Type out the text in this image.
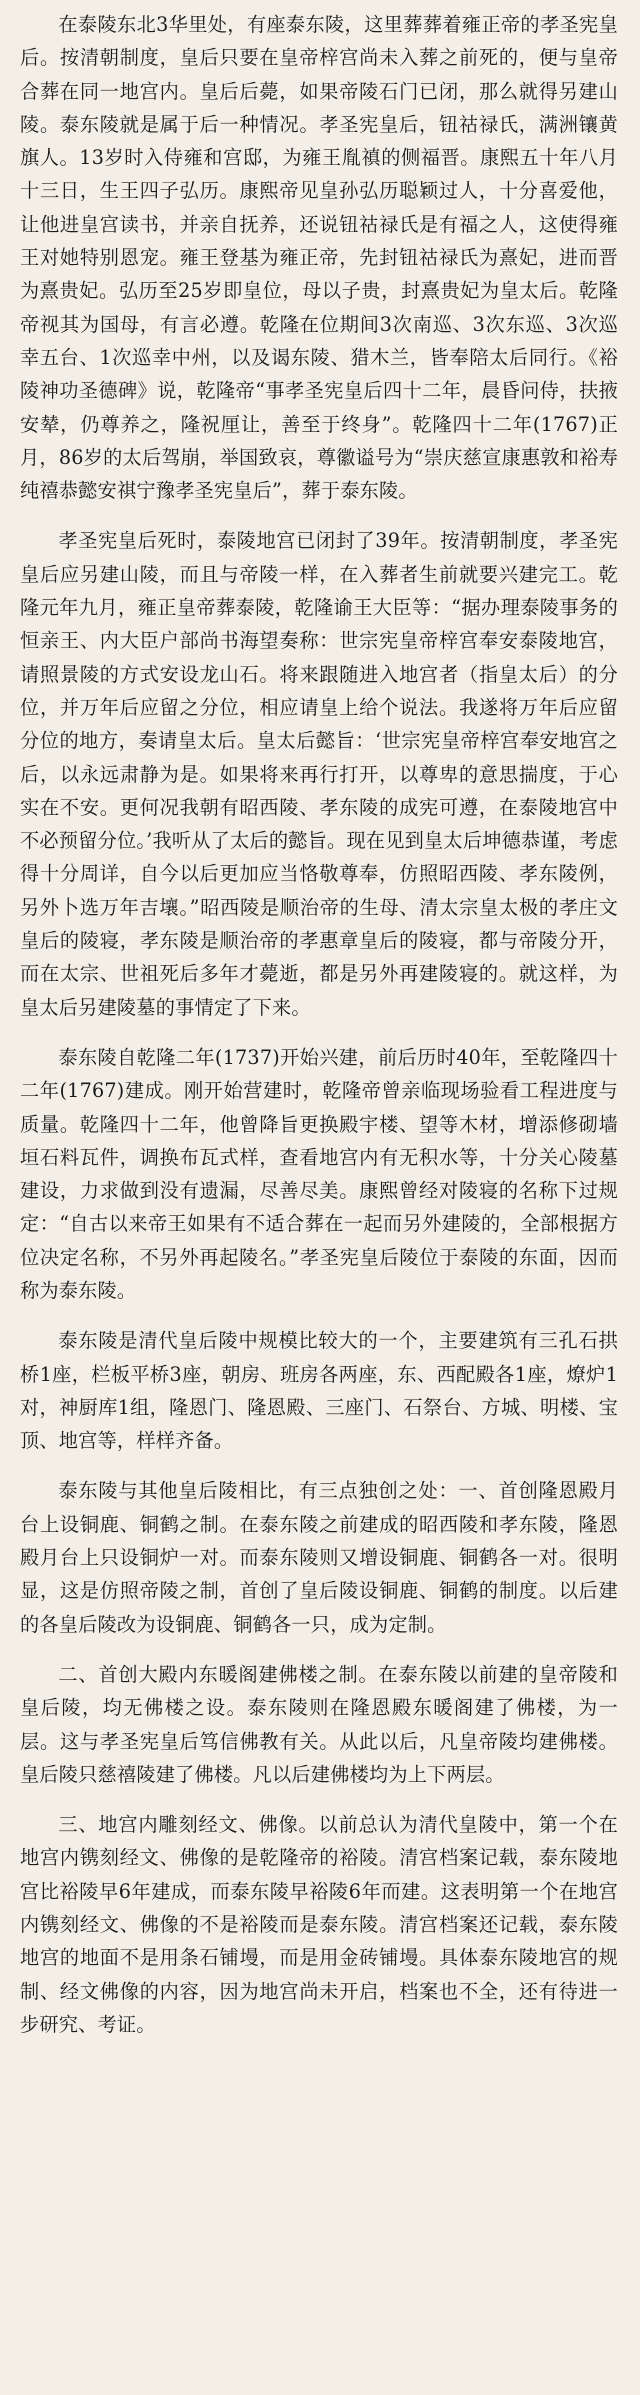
在泰陵东北3华里处，有座泰东陵，这里葬葬着雍正帝的孝圣宪皇后。按清朝制度，皇后只要在皇帝梓宫尚未入葬之前死的，便与皇帝合葬在同一地宫内。皇后后薨，如果帝陵石门已闭，那么就得另建山陵。泰东陵就是属于后一种情况。孝圣宪皇后，钮祜禄氏，满洲镶黄旗人。13岁时入侍雍和宫邸，为雍王胤禛的侧福晋。康熙五十年八月十三日，生王四子弘历。康熙帝见皇孙弘历聪颖过人，十分喜爱他，让他进皇宫读书，并亲自抚养，还说钮祜禄氏是有福之人，这使得雍王对她特别恩宠。雍王登基为雍正帝，先封钮祜禄氏为熹妃，进而晋为熹贵妃。弘历至25岁即皇位，母以子贵，封熹贵妃为皇太后。乾隆帝视其为国母，有言必遵。乾隆在位期间3次南巡、3次东巡、3次巡幸五台、1次巡幸中州，以及谒东陵、猎木兰，皆奉陪太后同行。《裕陵神功圣德碑》说，乾隆帝“事孝圣宪皇后四十二年，晨昏问侍，扶掖安辇，仍尊养之，隆祝厘让，善至于终身”。乾隆四十二年(1767)正月，86岁的太后驾崩，举国致哀，尊徽谥号为“崇庆慈宣康惠敦和裕寿纯禧恭懿安祺宁豫孝圣宪皇后”，葬于泰东陵。

孝圣宪皇后死时，泰陵地宫已闭封了39年。按清朝制度，孝圣宪皇后应另建山陵，而且与帝陵一样，在入葬者生前就要兴建完工。乾隆元年九月，雍正皇帝葬泰陵，乾隆谕王大臣等：“据办理泰陵事务的恒亲王、内大臣户部尚书海望奏称：世宗宪皇帝梓宫奉安泰陵地宫，请照景陵的方式安设龙山石。将来跟随进入地宫者（指皇太后）的分位，并万年后应留之分位，相应请皇上给个说法。我遂将万年后应留分位的地方，奏请皇太后。皇太后懿旨：‘世宗宪皇帝梓宫奉安地宫之后，以永远肃静为是。如果将来再行打开，以尊卑的意思揣度，于心实在不安。更何况我朝有昭西陵、孝东陵的成宪可遵，在泰陵地宫中不必预留分位。’我听从了太后的懿旨。现在见到皇太后坤德恭谨，考虑得十分周详，自今以后更加应当恪敬尊奉，仿照昭西陵、孝东陵例，另外卜选万年吉壤。”昭西陵是顺治帝的生母、清太宗皇太极的孝庄文皇后的陵寝，孝东陵是顺治帝的孝惠章皇后的陵寝，都与帝陵分开，而在太宗、世祖死后多年才薨逝，都是另外再建陵寝的。就这样，为皇太后另建陵墓的事情定了下来。

泰东陵自乾隆二年(1737)开始兴建，前后历时40年，至乾隆四十二年(1767)建成。刚开始营建时，乾隆帝曾亲临现场验看工程进度与质量。乾隆四十二年，他曾降旨更换殿宇楼、望等木材，增添修砌墙垣石料瓦件，调换布瓦式样，查看地宫内有无积水等，十分关心陵墓建设，力求做到没有遗漏，尽善尽美。康熙曾经对陵寝的名称下过规定：“自古以来帝王如果有不适合葬在一起而另外建陵的，全部根据方位决定名称，不另外再起陵名。”孝圣宪皇后陵位于泰陵的东面，因而称为泰东陵。

泰东陵是清代皇后陵中规模比较大的一个，主要建筑有三孔石拱桥1座，栏板平桥3座，朝房、班房各两座，东、西配殿各1座，燎炉1对，神厨库1组，隆恩门、隆恩殿、三座门、石祭台、方城、明楼、宝顶、地宫等，样样齐备。

泰东陵与其他皇后陵相比，有三点独创之处：一、首创隆恩殿月台上设铜鹿、铜鹤之制。在泰东陵之前建成的昭西陵和孝东陵，隆恩殿月台上只设铜炉一对。而泰东陵则又增设铜鹿、铜鹤各一对。很明显，这是仿照帝陵之制，首创了皇后陵设铜鹿、铜鹤的制度。以后建的各皇后陵改为设铜鹿、铜鹤各一只，成为定制。

二、首创大殿内东暖阁建佛楼之制。在泰东陵以前建的皇帝陵和皇后陵，均无佛楼之设。泰东陵则在隆恩殿东暖阁建了佛楼，为一层。这与孝圣宪皇后笃信佛教有关。从此以后，凡皇帝陵均建佛楼。皇后陵只慈禧陵建了佛楼。凡以后建佛楼均为上下两层。

三、地宫内雕刻经文、佛像。以前总认为清代皇陵中，第一个在地宫内镌刻经文、佛像的是乾隆帝的裕陵。清宫档案记载，泰东陵地宫比裕陵早6年建成，而泰东陵早裕陵6年而建。这表明第一个在地宫内镌刻经文、佛像的不是裕陵而是泰东陵。清宫档案还记载，泰东陵地宫的地面不是用条石铺墁，而是用金砖铺墁。具体泰东陵地宫的规制、经文佛像的内容，因为地宫尚未开启，档案也不全，还有待进一步研究、考证。
